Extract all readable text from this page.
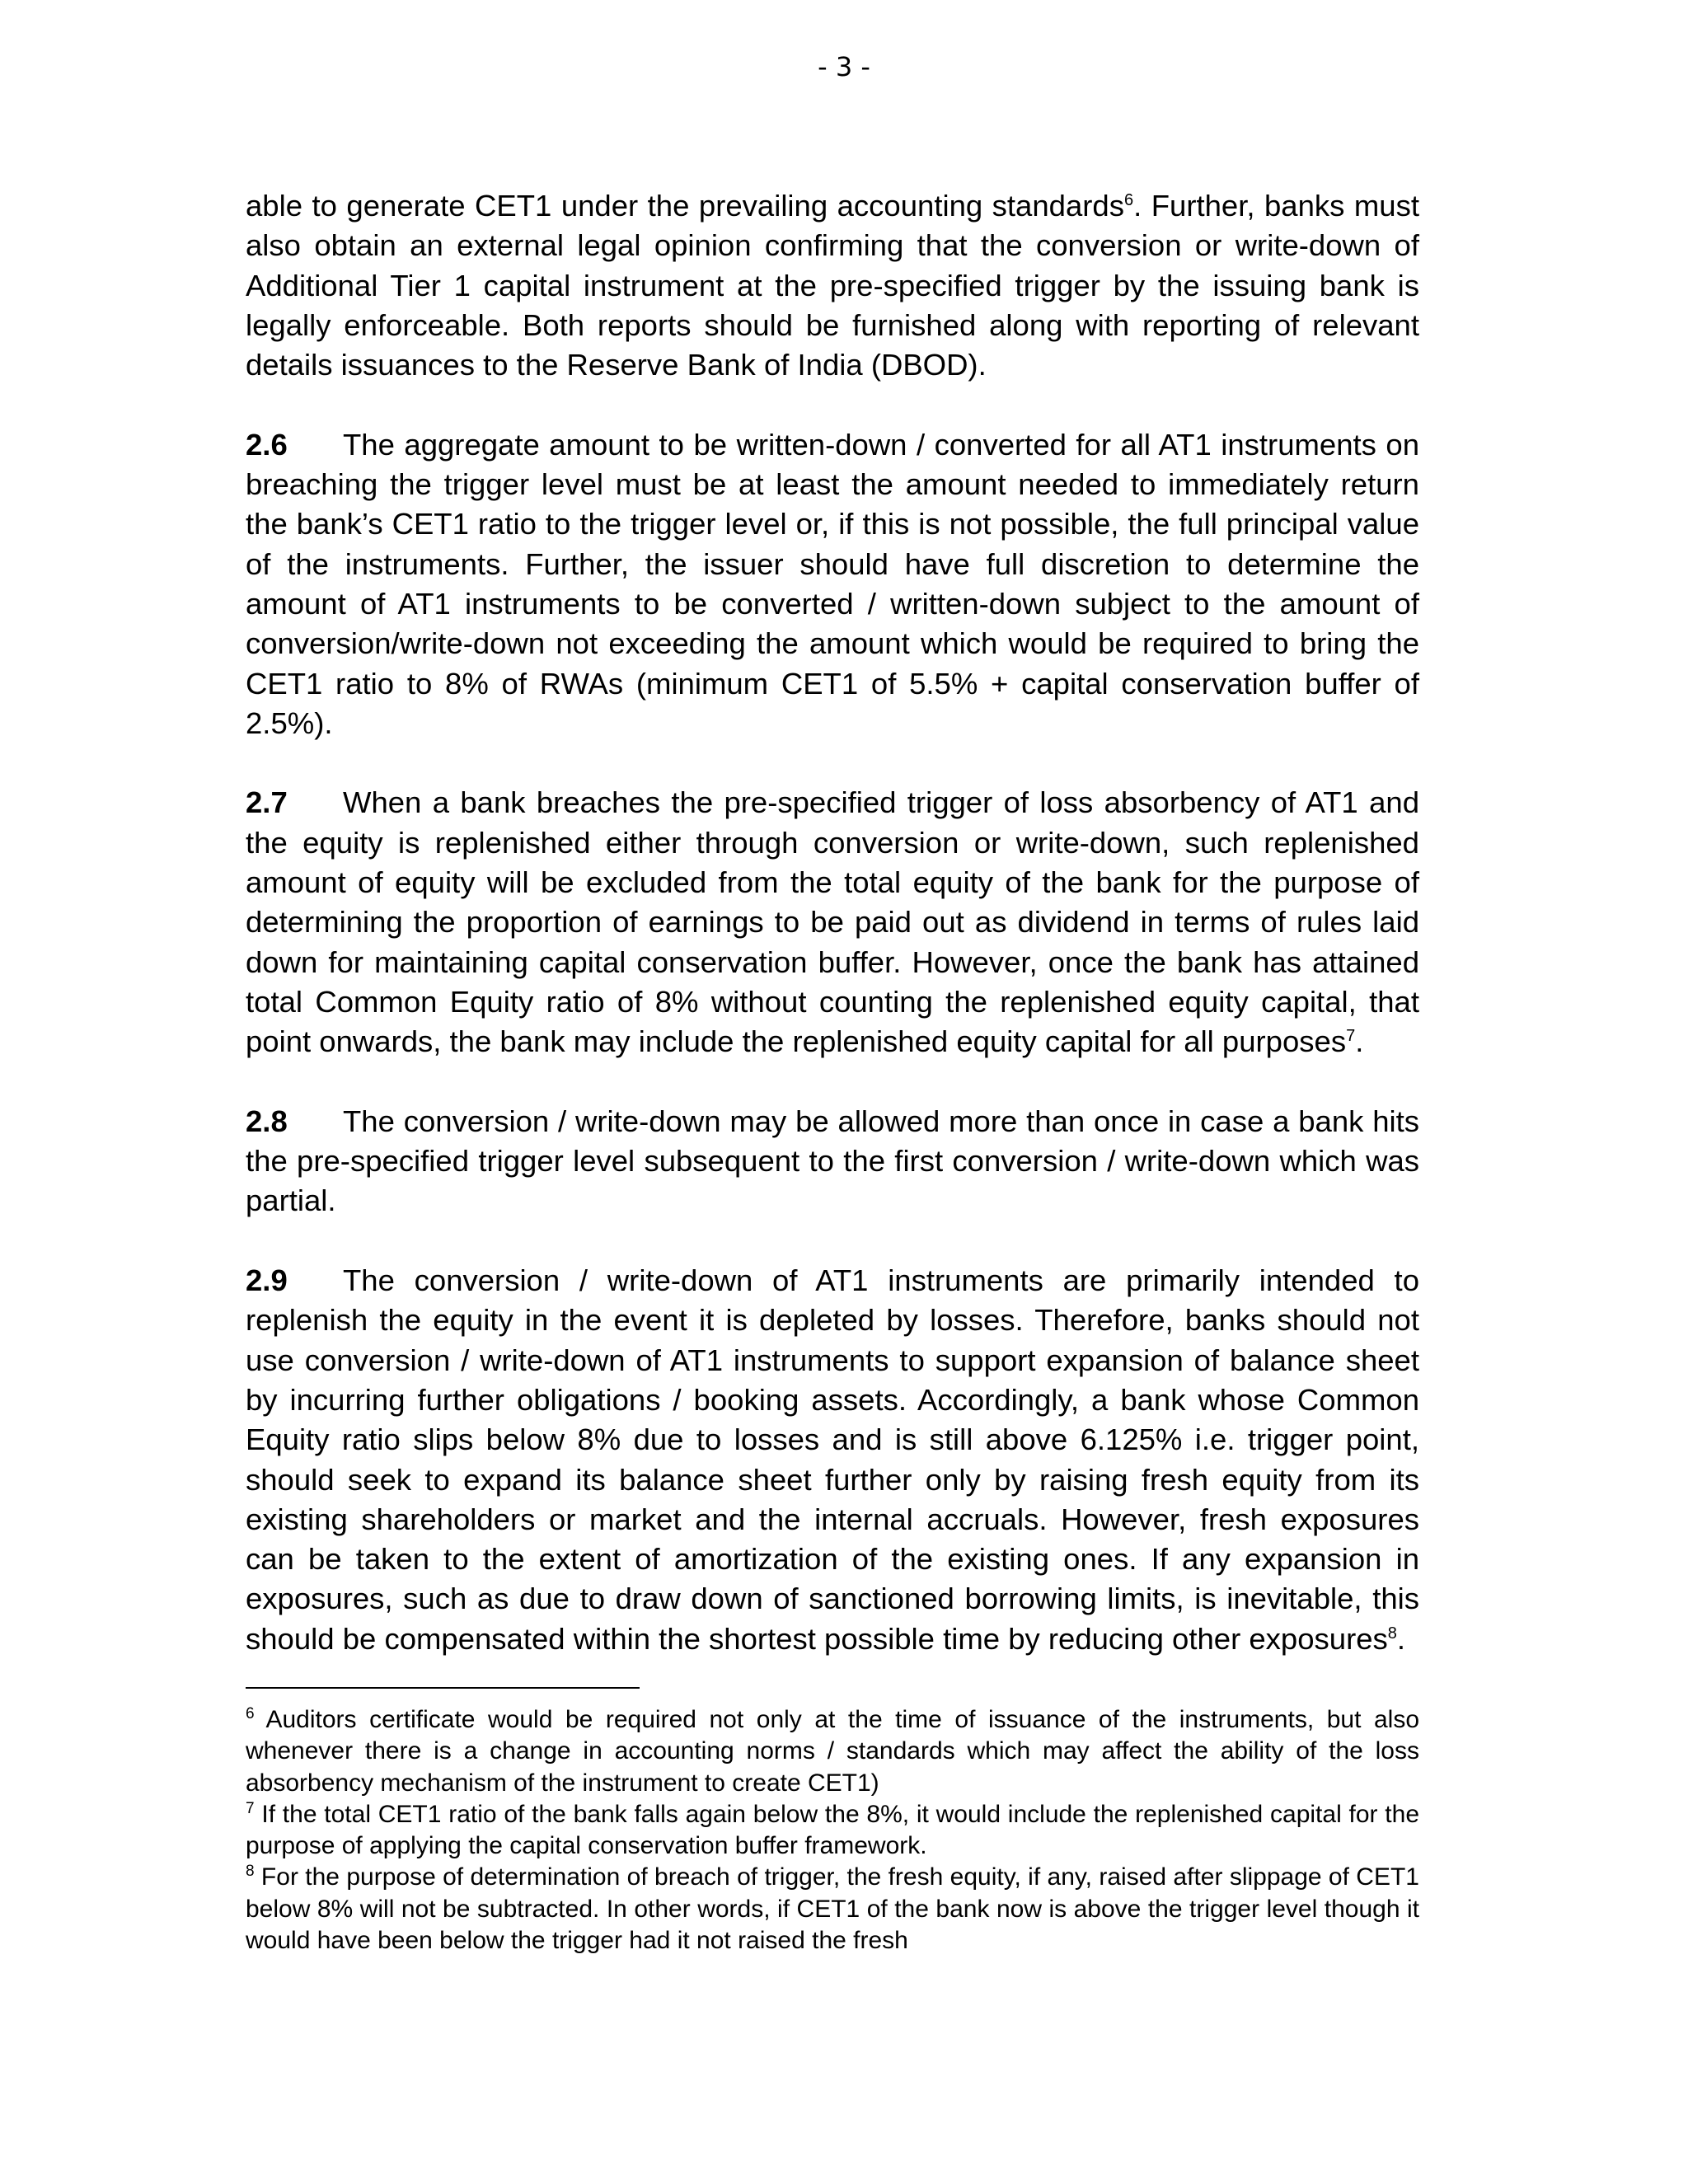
- 3 -

able to generate CET1 under the prevailing accounting standards$^6$. Further, banks must also obtain an external legal opinion confirming that the conversion or write-down of Additional Tier 1 capital instrument at the pre-specified trigger by the issuing bank is legally enforceable. Both reports should be furnished along with reporting of relevant details issuances to the Reserve Bank of India (DBOD).

2.6 The aggregate amount to be written-down / converted for all AT1 instruments on breaching the trigger level must be at least the amount needed to immediately return the bank’s CET1 ratio to the trigger level or, if this is not possible, the full principal value of the instruments. Further, the issuer should have full discretion to determine the amount of AT1 instruments to be converted / written-down subject to the amount of conversion/write-down not exceeding the amount which would be required to bring the CET1 ratio to 8% of RWAs (minimum CET1 of 5.5% + capital conservation buffer of 2.5%).

2.7 When a bank breaches the pre-specified trigger of loss absorbency of AT1 and the equity is replenished either through conversion or write-down, such replenished amount of equity will be excluded from the total equity of the bank for the purpose of determining the proportion of earnings to be paid out as dividend in terms of rules laid down for maintaining capital conservation buffer. However, once the bank has attained total Common Equity ratio of 8% without counting the replenished equity capital, that point onwards, the bank may include the replenished equity capital for all purposes$^7$.

2.8 The conversion / write-down may be allowed more than once in case a bank hits the pre-specified trigger level subsequent to the first conversion / write-down which was partial.

2.9 The conversion / write-down of AT1 instruments are primarily intended to replenish the equity in the event it is depleted by losses. Therefore, banks should not use conversion / write-down of AT1 instruments to support expansion of balance sheet by incurring further obligations / booking assets. Accordingly, a bank whose Common Equity ratio slips below 8% due to losses and is still above 6.125% i.e. trigger point, should seek to expand its balance sheet further only by raising fresh equity from its existing shareholders or market and the internal accruals. However, fresh exposures can be taken to the extent of amortization of the existing ones. If any expansion in exposures, such as due to draw down of sanctioned borrowing limits, is inevitable, this should be compensated within the shortest possible time by reducing other exposures$^8$.

$^6$ Auditors certificate would be required not only at the time of issuance of the instruments, but also whenever there is a change in accounting norms / standards which may affect the ability of the loss absorbency mechanism of the instrument to create CET1)

$^7$ If the total CET1 ratio of the bank falls again below the 8%, it would include the replenished capital for the purpose of applying the capital conservation buffer framework.

$^8$ For the purpose of determination of breach of trigger, the fresh equity, if any, raised after slippage of CET1 below 8% will not be subtracted. In other words, if CET1 of the bank now is above the trigger level though it would have been below the trigger had it not raised the fresh
